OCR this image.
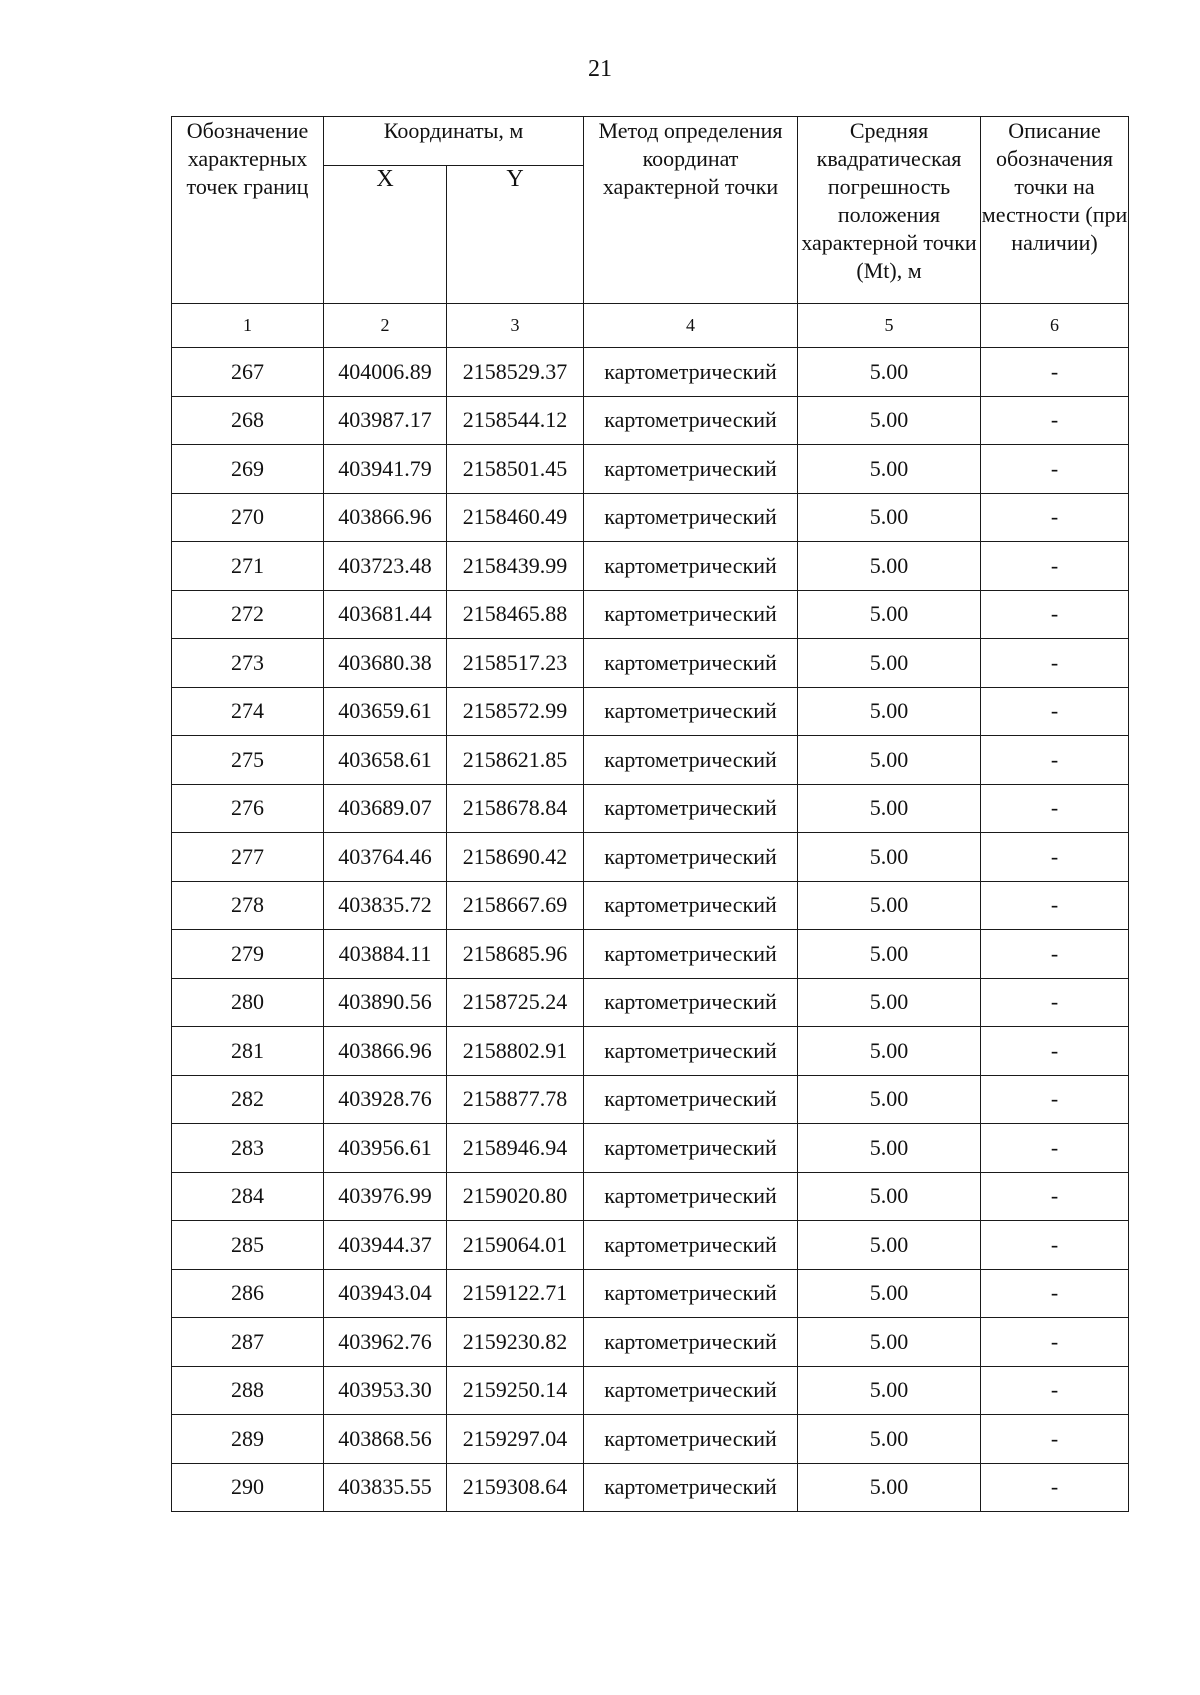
21
Обозначение характерных точек границ	Координаты, м		Метод определения координат характерной точки	Средняя квадратическая погрешность положения характерной точки (Mt), м	Описание обозначения точки на местности (при наличии)
	X	Y			
1	2	3	4	5	6
267	404006.89	2158529.37	картометрический	5.00	-
268	403987.17	2158544.12	картометрический	5.00	-
269	403941.79	2158501.45	картометрический	5.00	-
270	403866.96	2158460.49	картометрический	5.00	-
271	403723.48	2158439.99	картометрический	5.00	-
272	403681.44	2158465.88	картометрический	5.00	-
273	403680.38	2158517.23	картометрический	5.00	-
274	403659.61	2158572.99	картометрический	5.00	-
275	403658.61	2158621.85	картометрический	5.00	-
276	403689.07	2158678.84	картометрический	5.00	-
277	403764.46	2158690.42	картометрический	5.00	-
278	403835.72	2158667.69	картометрический	5.00	-
279	403884.11	2158685.96	картометрический	5.00	-
280	403890.56	2158725.24	картометрический	5.00	-
281	403866.96	2158802.91	картометрический	5.00	-
282	403928.76	2158877.78	картометрический	5.00	-
283	403956.61	2158946.94	картометрический	5.00	-
284	403976.99	2159020.80	картометрический	5.00	-
285	403944.37	2159064.01	картометрический	5.00	-
286	403943.04	2159122.71	картометрический	5.00	-
287	403962.76	2159230.82	картометрический	5.00	-
288	403953.30	2159250.14	картометрический	5.00	-
289	403868.56	2159297.04	картометрический	5.00	-
290	403835.55	2159308.64	картометрический	5.00	-
